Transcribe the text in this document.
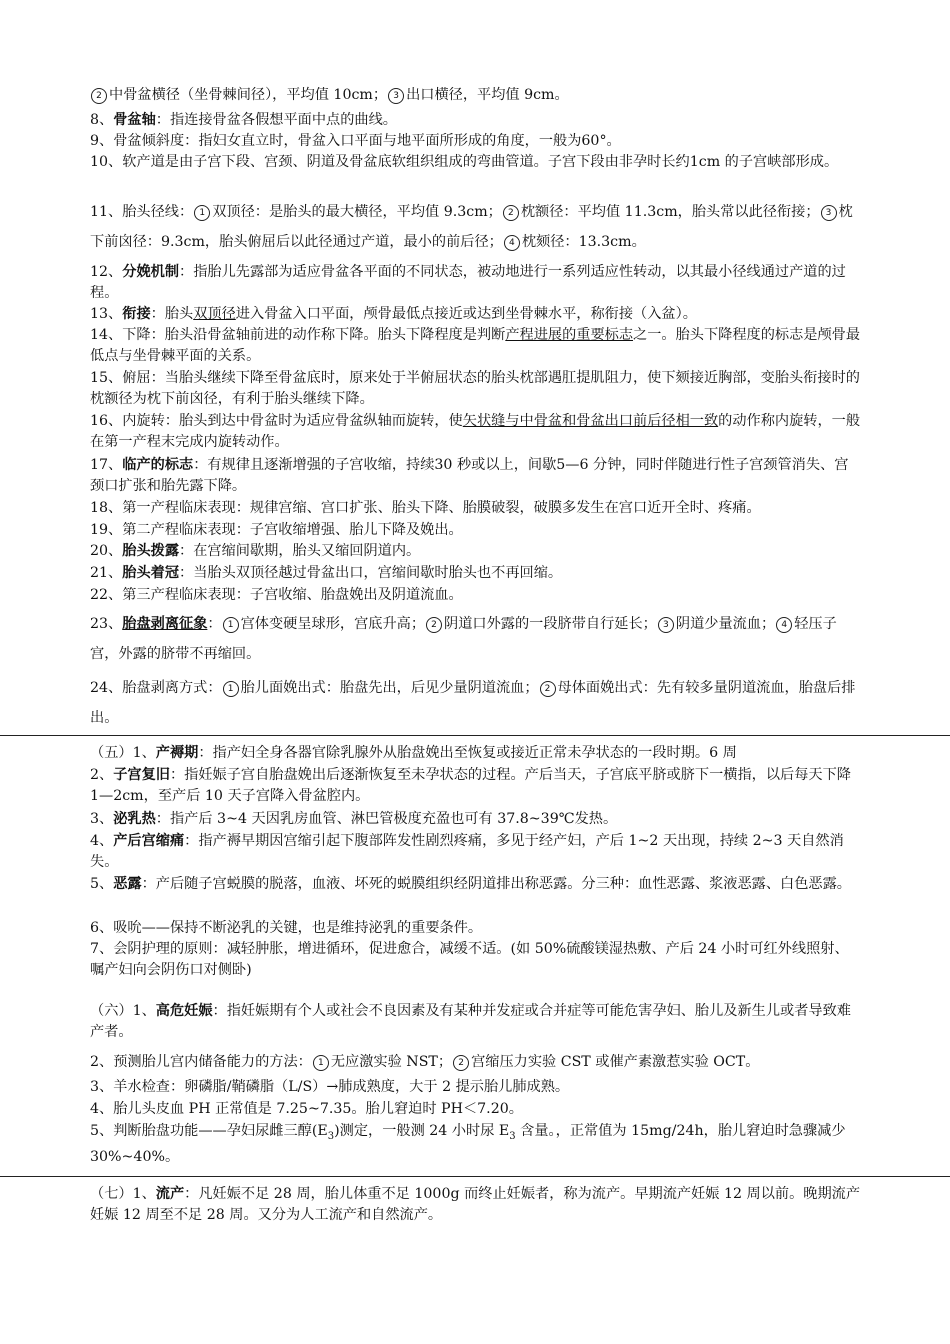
2 中骨盆横径（坐骨棘间径），平均值 10cm； 3 出口横径，平均值 9cm。
8、骨盆轴：指连接骨盆各假想平面中点的曲线。
9、骨盆倾斜度：指妇女直立时，骨盆入口平面与地平面所形成的角度，一般为60°。
10、软产道是由子宫下段、宫颈、阴道及骨盆底软组织组成的弯曲管道。子宫下段由非孕时长约1cm 的子宫峡部形成。
11、胎头径线： 1 双顶径：是胎头的最大横径，平均值 9.3cm； 2 枕额径：平均值 11.3cm，胎头常以此径衔接； 3 枕下前囟径：9.3cm，胎头俯屈后以此径通过产道，最小的前后径； 4 枕颏径：13.3cm。
12、分娩机制：指胎儿先露部为适应骨盆各平面的不同状态，被动地进行一系列适应性转动，以其最小径线通过产道的过程。
13、衔接：胎头双顶径进入骨盆入口平面，颅骨最低点接近或达到坐骨棘水平，称衔接（入盆）。
14、下降：胎头沿骨盆轴前进的动作称下降。胎头下降程度是判断产程进展的重要标志之一。胎头下降程度的标志是颅骨最低点与坐骨棘平面的关系。
15、俯屈：当胎头继续下降至骨盆底时，原来处于半俯屈状态的胎头枕部遇肛提肌阻力，使下颏接近胸部，变胎头衔接时的枕额径为枕下前囟径，有利于胎头继续下降。
16、内旋转：胎头到达中骨盆时为适应骨盆纵轴而旋转，使矢状缝与中骨盆和骨盆出口前后径相一致的动作称内旋转，一般在第一产程末完成内旋转动作。
17、临产的标志：有规律且逐渐增强的子宫收缩，持续30 秒或以上，间歇5—6 分钟，同时伴随进行性子宫颈管消失、宫颈口扩张和胎先露下降。
18、第一产程临床表现：规律宫缩、宫口扩张、胎头下降、胎膜破裂，破膜多发生在宫口近开全时、疼痛。
19、第二产程临床表现：子宫收缩增强、胎儿下降及娩出。
20、胎头拨露：在宫缩间歇期，胎头又缩回阴道内。
21、胎头着冠：当胎头双顶径越过骨盆出口，宫缩间歇时胎头也不再回缩。
22、第三产程临床表现：子宫收缩、胎盘娩出及阴道流血。
23、胎盘剥离征象： 1 宫体变硬呈球形，宫底升高； 2 阴道口外露的一段脐带自行延长； 3 阴道少量流血； 4 轻压子宫，外露的脐带不再缩回。
24、胎盘剥离方式： 1 胎儿面娩出式：胎盘先出，后见少量阴道流血； 2 母体面娩出式：先有较多量阴道流血，胎盘后排出。
（五）1、产褥期：指产妇全身各器官除乳腺外从胎盘娩出至恢复或接近正常未孕状态的一段时期。6 周
2、子宫复旧：指妊娠子宫自胎盘娩出后逐渐恢复至未孕状态的过程。产后当天，子宫底平脐或脐下一横指，以后每天下降 1—2cm，至产后 10 天子宫降入骨盆腔内。
3、泌乳热：指产后 3~4 天因乳房血管、淋巴管极度充盈也可有 37.8~39℃发热。
4、产后宫缩痛：指产褥早期因宫缩引起下腹部阵发性剧烈疼痛，多见于经产妇，产后 1~2 天出现，持续 2~3 天自然消失。
5、恶露：产后随子宫蜕膜的脱落，血液、坏死的蜕膜组织经阴道排出称恶露。分三种：血性恶露、浆液恶露、白色恶露。
6、吸吮——保持不断泌乳的关键，也是维持泌乳的重要条件。
7、会阴护理的原则：减轻肿胀，增进循环，促进愈合，减缓不适。(如 50%硫酸镁湿热敷、产后 24 小时可红外线照射、嘱产妇向会阴伤口对侧卧)
（六）1、高危妊娠：指妊娠期有个人或社会不良因素及有某种并发症或合并症等可能危害孕妇、胎儿及新生儿或者导致难产者。
2、预测胎儿宫内储备能力的方法： 1 无应激实验 NST； 2 宫缩压力实验 CST 或催产素激惹实验 OCT。
3、羊水检查：卵磷脂/鞘磷脂（L/S）→肺成熟度，大于 2 提示胎儿肺成熟。
4、胎儿头皮血 PH 正常值是 7.25~7.35。胎儿窘迫时 PH＜7.20。
5、判断胎盘功能——孕妇尿雌三醇$(E_3)$测定，一般测 24 小时尿 $E_3$ 含量。，正常值为 15mg/24h，胎儿窘迫时急骤减少 30%~40%。
（七）1、流产：凡妊娠不足 28 周，胎儿体重不足 1000g 而终止妊娠者，称为流产。早期流产妊娠 12 周以前。晚期流产妊娠 12 周至不足 28 周。又分为人工流产和自然流产。
